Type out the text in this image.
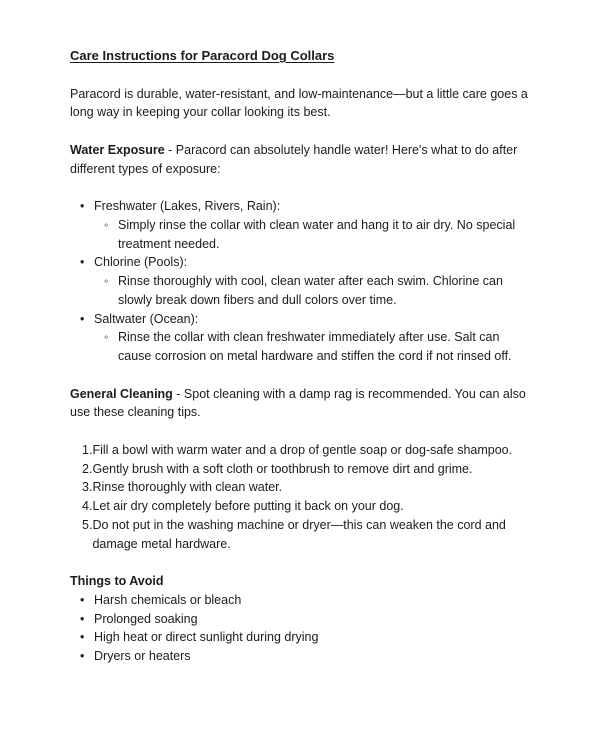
Care Instructions for Paracord Dog Collars

Paracord is durable, water-resistant, and low-maintenance—but a little care goes a long way in keeping your collar looking its best.

Water Exposure - Paracord can absolutely handle water! Here's what to do after different types of exposure:

•
Freshwater (Lakes, Rivers, Rain):
◦
Simply rinse the collar with clean water and hang it to air dry. No special treatment needed.
•
Chlorine (Pools):
◦
Rinse thoroughly with cool, clean water after each swim. Chlorine can slowly break down fibers and dull colors over time.
•
Saltwater (Ocean):
◦
Rinse the collar with clean freshwater immediately after use. Salt can cause corrosion on metal hardware and stiffen the cord if not rinsed off.

General Cleaning - Spot cleaning with a damp rag is recommended. You can also use these cleaning tips.

1. Fill a bowl with warm water and a drop of gentle soap or dog-safe shampoo.
2. Gently brush with a soft cloth or toothbrush to remove dirt and grime.
3. Rinse thoroughly with clean water.
4. Let air dry completely before putting it back on your dog.
5. Do not put in the washing machine or dryer—this can weaken the cord and damage metal hardware.

Things to Avoid

•
Harsh chemicals or bleach
•
Prolonged soaking
•
High heat or direct sunlight during drying
•
Dryers or heaters
